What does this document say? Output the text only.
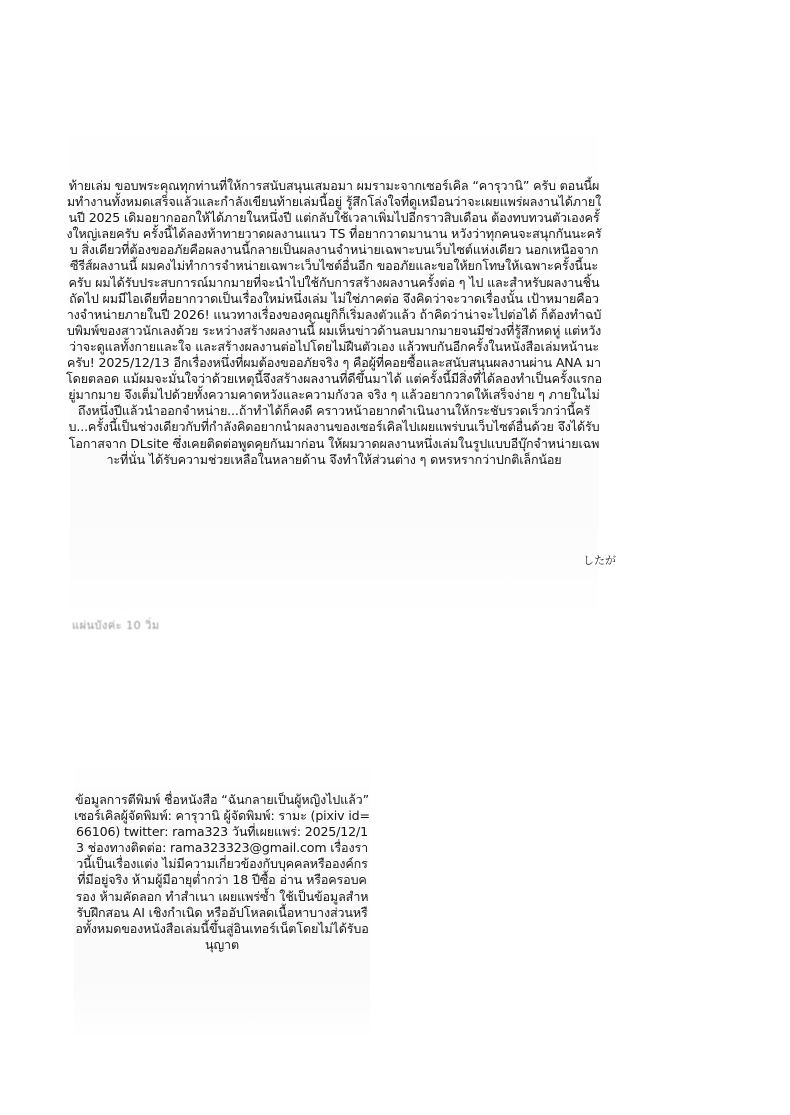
ท้ายเล่ม ขอบพระคุณทุกท่านที่ให้การสนับสนุนเสมอมา ผมรามะจากเซอร์เคิล “คารุวานิ” ครับ ตอนนี้ผมทำงานทั้งหมดเสร็จแล้วและกำลังเขียนท้ายเล่มนี้อยู่ รู้สึกโล่งใจที่ดูเหมือนว่าจะเผยแพร่ผลงานได้ภายในปี 2025 เดิมอยากออกให้ได้ภายในหนึ่งปี แต่กลับใช้เวลาเพิ่มไปอีกราวสิบเดือน ต้องทบทวนตัวเองครั้งใหญ่เลยครับ ครั้งนี้ได้ลองท้าทายวาดผลงานแนว TS ที่อยากวาดมานาน หวังว่าทุกคนจะสนุกกันนะครับ สิ่งเดียวที่ต้องขออภัยคือผลงานนี้กลายเป็นผลงานจำหน่ายเฉพาะบนเว็บไซต์แห่งเดียว นอกเหนือจากซีรีส์ผลงานนี้ ผมคงไม่ทำการจำหน่ายเฉพาะเว็บไซต์อื่นอีก ขออภัยและขอให้ยกโทษให้เฉพาะครั้งนี้นะครับ ผมได้รับประสบการณ์มากมายที่จะนำไปใช้กับการสร้างผลงานครั้งต่อ ๆ ไป และสำหรับผลงานชิ้นถัดไป ผมมีไอเดียที่อยากวาดเป็นเรื่องใหม่หนึ่งเล่ม ไม่ใช่ภาคต่อ จึงคิดว่าจะวาดเรื่องนั้น เป้าหมายคือวางจำหน่ายภายในปี 2026! แนวทางเรื่องของคุณยูกิก็เริ่มลงตัวแล้ว ถ้าคิดว่าน่าจะไปต่อได้ ก็ต้องทำฉบับพิมพ์ของสาวนักเลงด้วย ระหว่างสร้างผลงานนี้ ผมเห็นข่าวด้านลบมากมายจนมีช่วงที่รู้สึกหดหู่ แต่หวังว่าจะดูแลทั้งกายและใจ และสร้างผลงานต่อไปโดยไม่ฝืนตัวเอง แล้วพบกันอีกครั้งในหนังสือเล่มหน้านะครับ! 2025/12/13 อีกเรื่องหนึ่งที่ผมต้องขออภัยจริง ๆ คือผู้ที่คอยซื้อและสนับสนุนผลงานผ่าน ANA มาโดยตลอด แม้ผมจะมั่นใจว่าด้วยเหตุนี้จึงสร้างผลงานที่ดีขึ้นมาได้ แต่ครั้งนี้มีสิ่งที่ได้ลองทำเป็นครั้งแรกอยู่มากมาย จึงเต็มไปด้วยทั้งความคาดหวังและความกังวล จริง ๆ แล้วอยากวาดให้เสร็จง่าย ๆ ภายในไม่ถึงหนึ่งปีแล้วนำออกจำหน่าย...ถ้าทำได้ก็คงดี คราวหน้าอยากดำเนินงานให้กระชับรวดเร็วกว่านี้ครับ...ครั้งนี้เป็นช่วงเดียวกับที่กำลังคิดอยากนำผลงานของเซอร์เคิลไปเผยแพร่บนเว็บไซต์อื่นด้วย จึงได้รับโอกาสจาก DLsite ซึ่งเคยติดต่อพูดคุยกันมาก่อน ให้ผมวาดผลงานหนึ่งเล่มในรูปแบบอีบุ๊กจำหน่ายเฉพาะที่นั่น ได้รับความช่วยเหลือในหลายด้าน จึงทำให้ส่วนต่าง ๆ ดหรหรากว่าปกติเล็กน้อย

したが

แผ่นบังค่ะ 10 วิ่ม

ข้อมูลการตีพิมพ์ ชื่อหนังสือ “ฉันกลายเป็นผู้หญิงไปแล้ว” เซอร์เคิลผู้จัดพิมพ์: คารุวานิ ผู้จัดพิมพ์: รามะ (pixiv id=66106) twitter: rama323 วันที่เผยแพร่: 2025/12/13 ช่องทางติดต่อ: rama323323@gmail.com เรื่องราวนี้เป็นเรื่องแต่ง ไม่มีความเกี่ยวข้องกับบุคคลหรือองค์กรที่มีอยู่จริง ห้ามผู้มีอายุต่ำกว่า 18 ปีซื้อ อ่าน หรือครอบครอง ห้ามคัดลอก ทำสำเนา เผยแพร่ซ้ำ ใช้เป็นข้อมูลสำหรับฝึกสอน AI เชิงกำเนิด หรืออัปโหลดเนื้อหาบางส่วนหรือทั้งหมดของหนังสือเล่มนี้ขึ้นสู่อินเทอร์เน็ตโดยไม่ได้รับอนุญาต
